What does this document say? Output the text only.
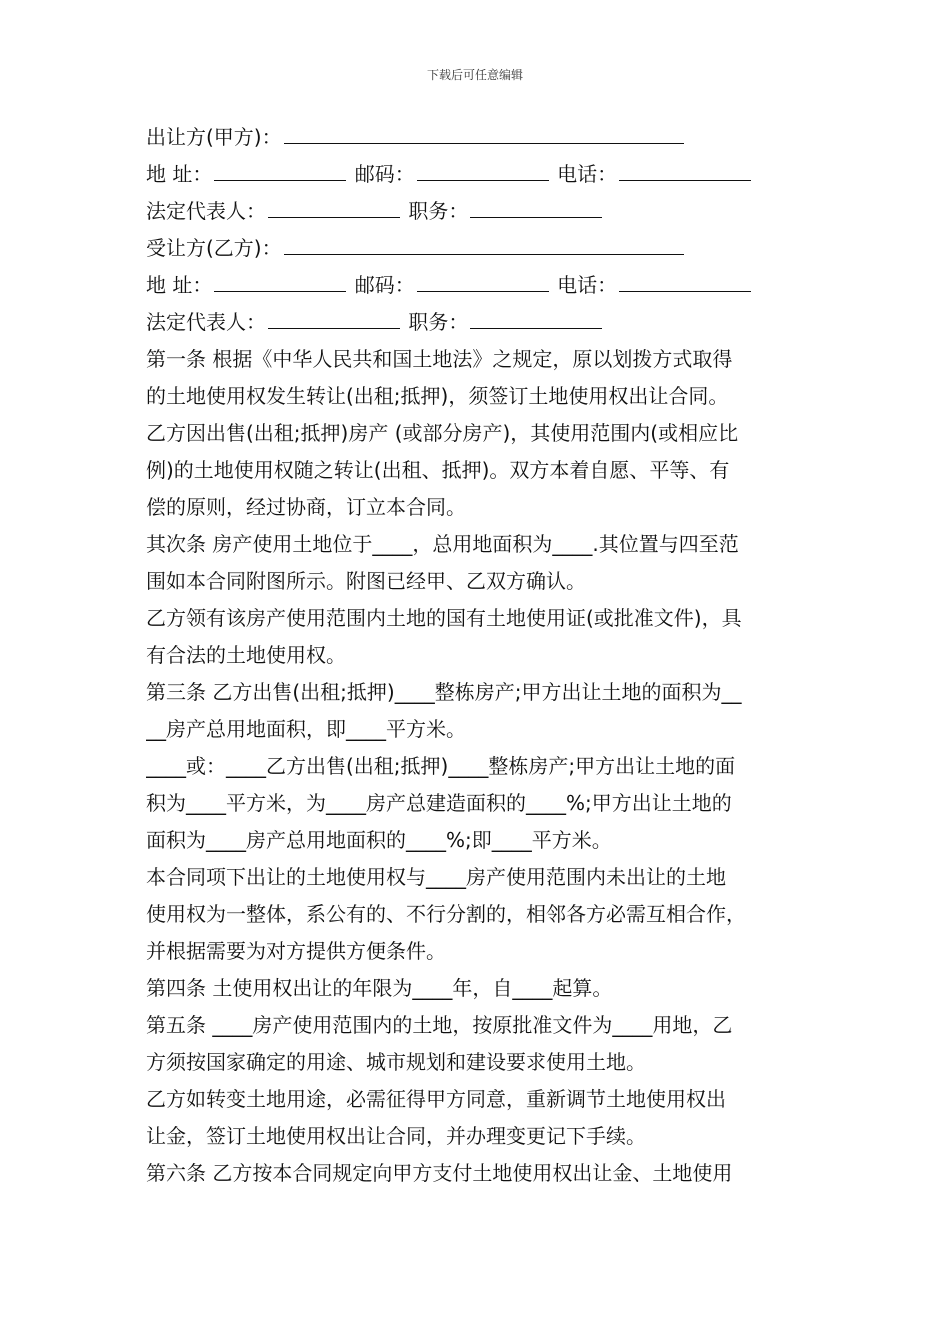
下载后可任意编辑
出让方(甲方)：
地 址：	邮码：	电话：
法定代表人：	职务：
受让方(乙方)：
地 址：	邮码：	电话：
法定代表人：	职务：
第一条 根据《中华人民共和国土地法》之规定，原以划拨方式取得
的土地使用权发生转让(出租;抵押)，须签订土地使用权出让合同。
乙方因出售(出租;抵押)房产 (或部分房产)，其使用范围内(或相应比
例)的土地使用权随之转让(出租、抵押)。双方本着自愿、平等、有
偿的原则，经过协商，订立本合同。
其次条 房产使用土地位于____，总用地面积为____.其位置与四至范
围如本合同附图所示。附图已经甲、乙双方确认。
乙方领有该房产使用范围内土地的国有土地使用证(或批准文件)，具
有合法的土地使用权。
第三条 乙方出售(出租;抵押)____整栋房产;甲方出让土地的面积为__
__房产总用地面积，即____平方米。
____或：____乙方出售(出租;抵押)____整栋房产;甲方出让土地的面
积为____平方米，为____房产总建造面积的____%;甲方出让土地的
面积为____房产总用地面积的____%;即____平方米。
本合同项下出让的土地使用权与____房产使用范围内未出让的土地
使用权为一整体，系公有的、不行分割的，相邻各方必需互相合作，
并根据需要为对方提供方便条件。
第四条 土使用权出让的年限为____年，自____起算。
第五条 ____房产使用范围内的土地，按原批准文件为____用地，乙
方须按国家确定的用途、城市规划和建设要求使用土地。
乙方如转变土地用途，必需征得甲方同意，重新调节土地使用权出
让金，签订土地使用权出让合同，并办理变更记下手续。
第六条 乙方按本合同规定向甲方支付土地使用权出让金、土地使用
